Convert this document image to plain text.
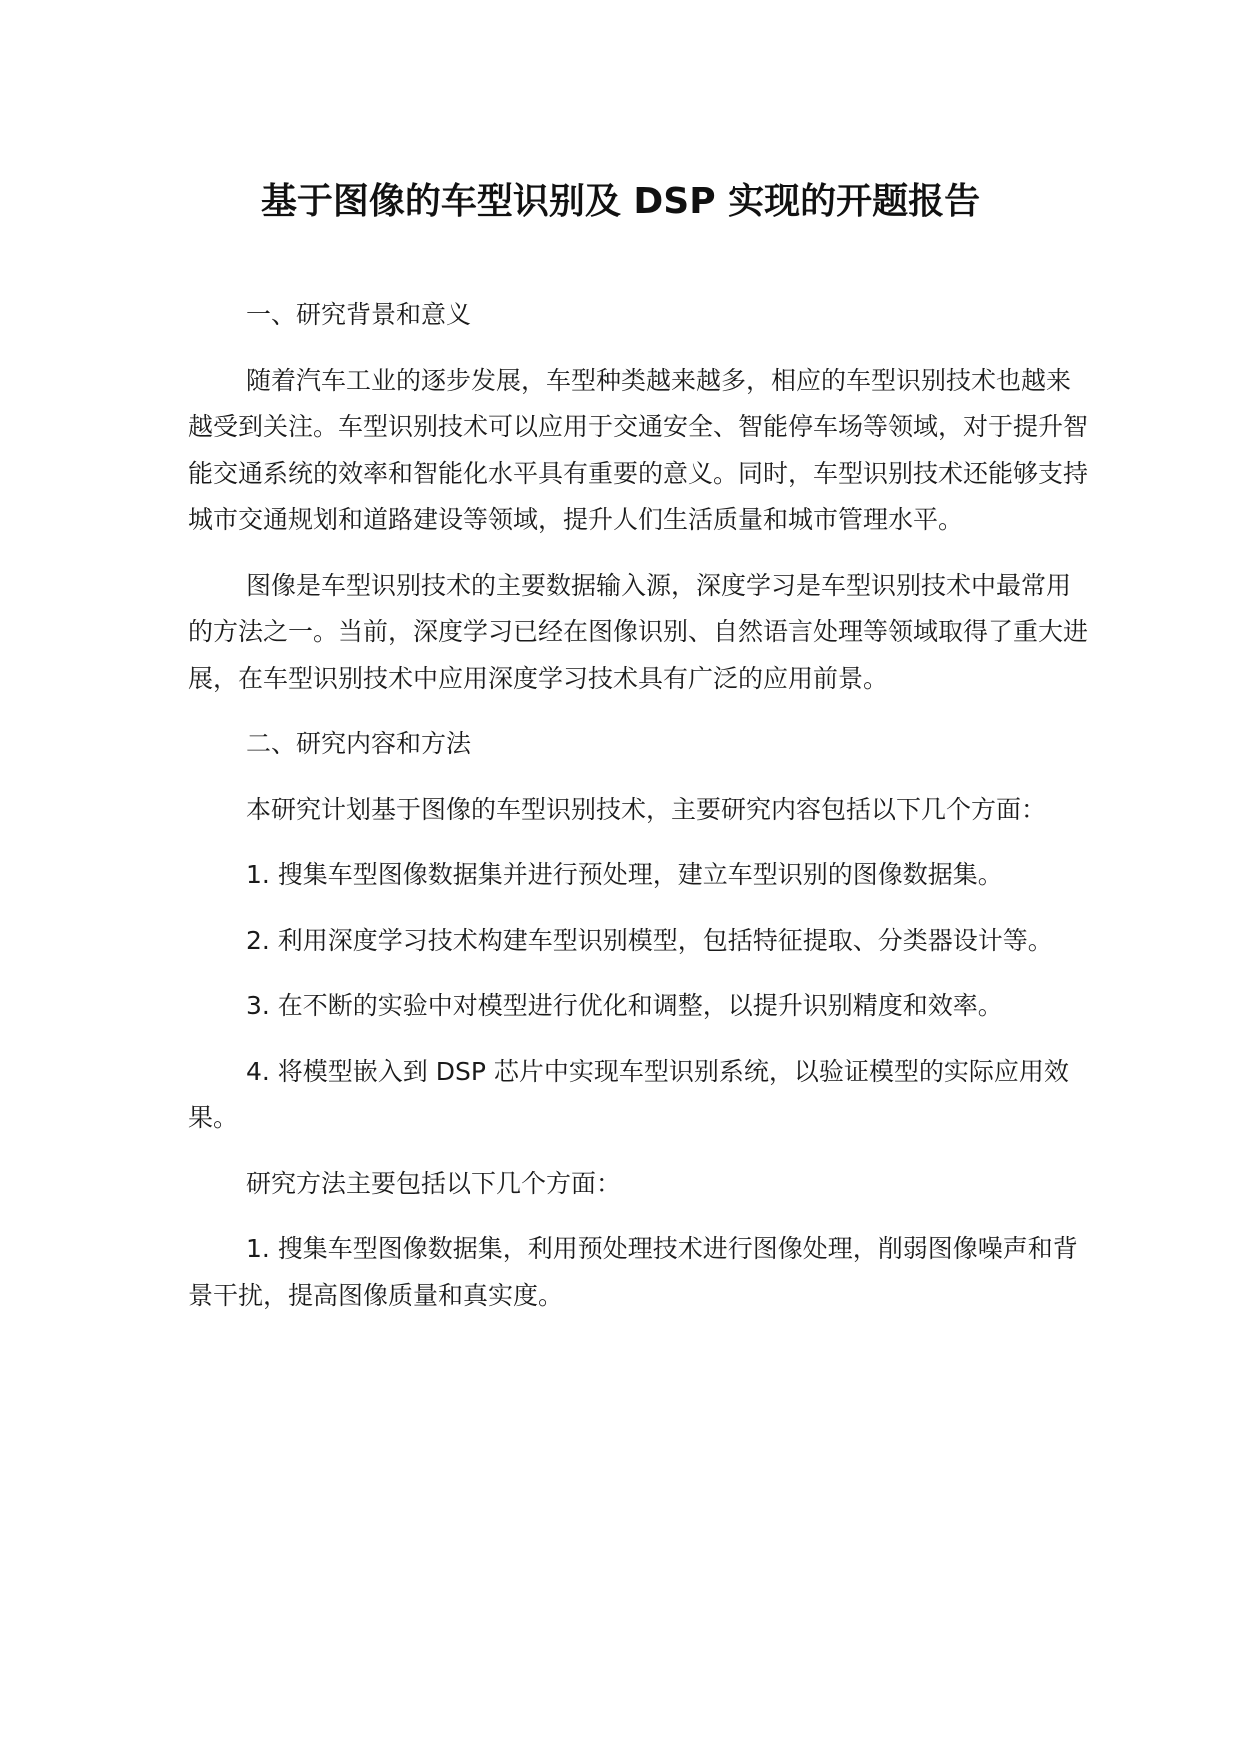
基于图像的车型识别及 DSP 实现的开题报告

一、研究背景和意义

随着汽车工业的逐步发展，车型种类越来越多，相应的车型识别技术也越来越受到关注。车型识别技术可以应用于交通安全、智能停车场等领域，对于提升智能交通系统的效率和智能化水平具有重要的意义。同时，车型识别技术还能够支持城市交通规划和道路建设等领域，提升人们生活质量和城市管理水平。

图像是车型识别技术的主要数据输入源，深度学习是车型识别技术中最常用的方法之一。当前，深度学习已经在图像识别、自然语言处理等领域取得了重大进展，在车型识别技术中应用深度学习技术具有广泛的应用前景。

二、研究内容和方法

本研究计划基于图像的车型识别技术，主要研究内容包括以下几个方面：

1. 搜集车型图像数据集并进行预处理，建立车型识别的图像数据集。

2. 利用深度学习技术构建车型识别模型，包括特征提取、分类器设计等。

3. 在不断的实验中对模型进行优化和调整，以提升识别精度和效率。

4. 将模型嵌入到 DSP 芯片中实现车型识别系统，以验证模型的实际应用效果。

研究方法主要包括以下几个方面：

1. 搜集车型图像数据集，利用预处理技术进行图像处理，削弱图像噪声和背景干扰，提高图像质量和真实度。
